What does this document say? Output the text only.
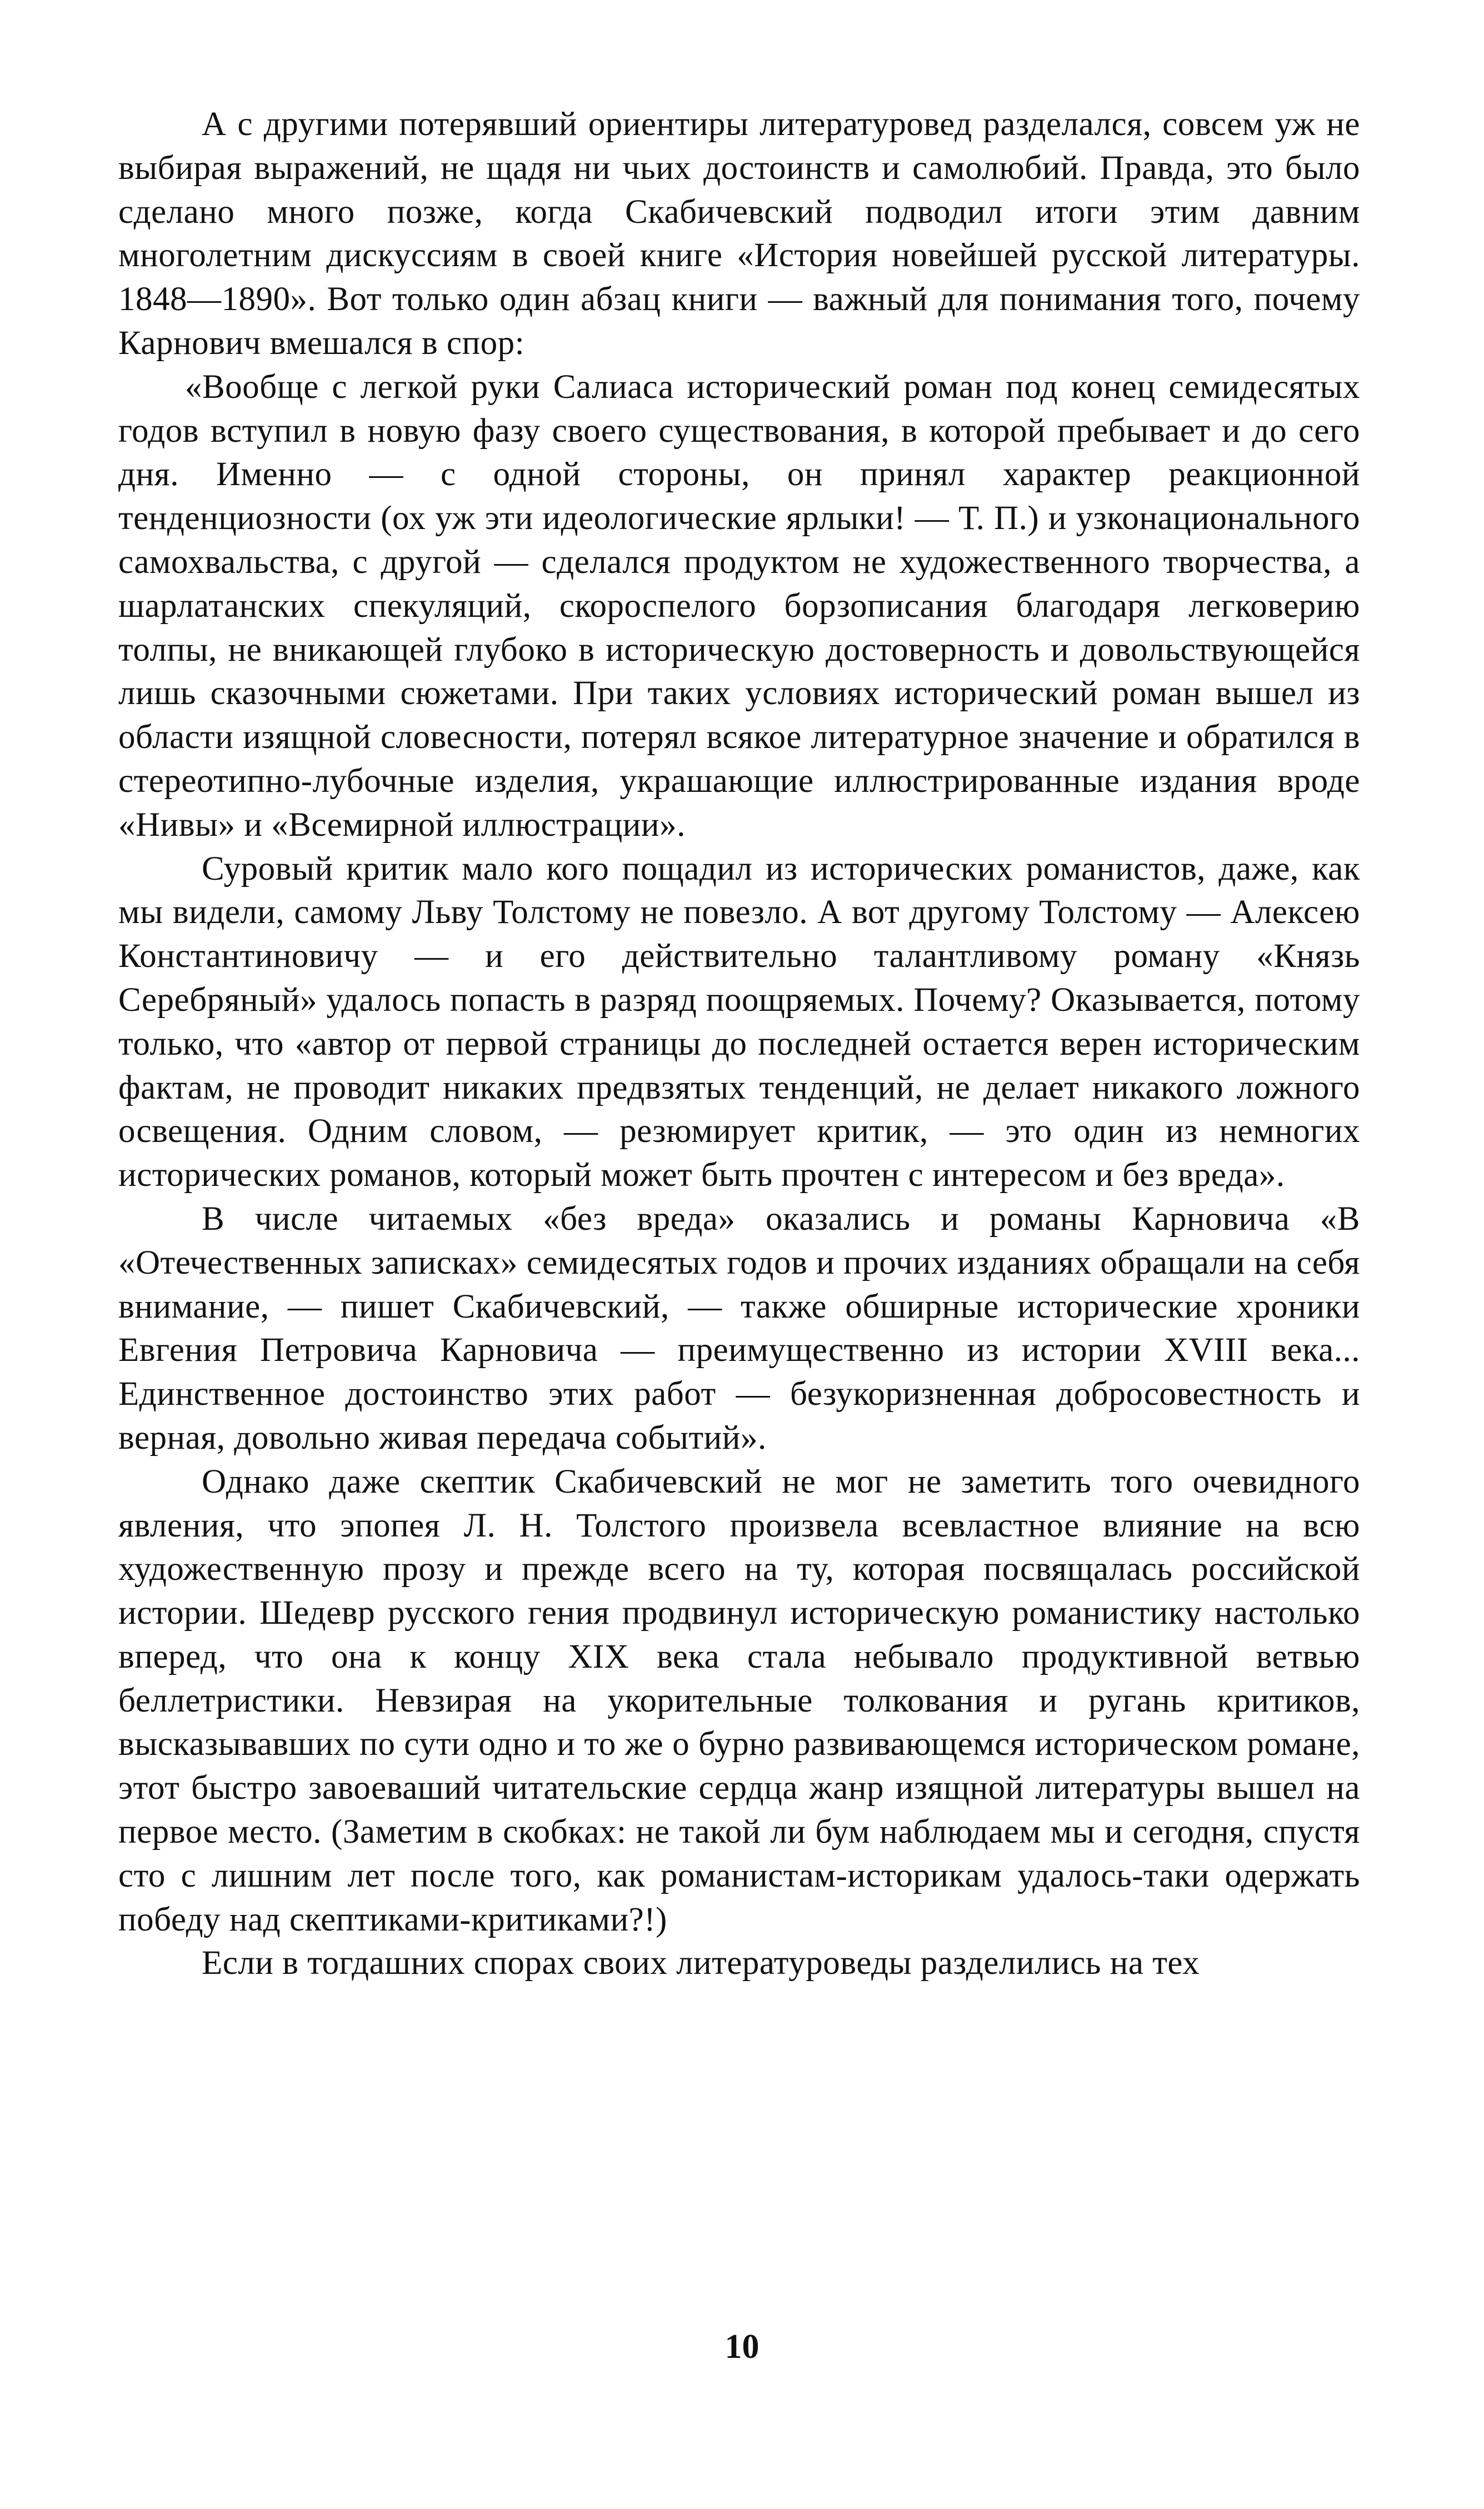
А с другими потерявший ориентиры литературовед разделался, совсем уж не выбирая выражений, не щадя ни чьих достоинств и самолюбий. Правда, это было сделано много позже, когда Скабичевский подводил итоги этим давним многолетним дискуссиям в своей книге «История новейшей русской литературы. 1848—1890». Вот только один абзац книги — важный для понимания того, почему Карнович вмешался в спор:

«Вообще с легкой руки Салиаса исторический роман под конец семидесятых годов вступил в новую фазу своего существования, в которой пребывает и до сего дня. Именно — с одной стороны, он принял характер реакционной тенденциозности (ох уж эти идеологические ярлыки! — Т. П.) и узконационального самохвальства, с другой — сделался продуктом не художественного творчества, а шарлатанских спекуляций, скороспелого борзописания благодаря легковерию толпы, не вникающей глубоко в историческую достоверность и довольствующейся лишь сказочными сюжетами. При таких условиях исторический роман вышел из области изящной словесности, потерял всякое литературное значение и обратился в стереотипно-лубочные изделия, украшающие иллюстрированные издания вроде «Нивы» и «Всемирной иллюстрации».

Суровый критик мало кого пощадил из исторических романистов, даже, как мы видели, самому Льву Толстому не повезло. А вот другому Толстому — Алексею Константиновичу — и его действительно талантливому роману «Князь Серебряный» удалось попасть в разряд поощряемых. Почему? Оказывается, потому только, что «автор от первой страницы до последней остается верен историческим фактам, не проводит никаких предвзятых тенденций, не делает никакого ложного освещения. Одним словом, — резюмирует критик, — это один из немногих исторических романов, который может быть прочтен с интересом и без вреда».

В числе читаемых «без вреда» оказались и романы Карновича «В «Отечественных записках» семидесятых годов и прочих изданиях обращали на себя внимание, — пишет Скабичевский, — также обширные исторические хроники Евгения Петровича Карновича — преимущественно из истории XVIII века... Единственное достоинство этих работ — безукоризненная добросовестность и верная, довольно живая передача событий».

Однако даже скептик Скабичевский не мог не заметить того очевидного явления, что эпопея Л. Н. Толстого произвела всевластное влияние на всю художественную прозу и прежде всего на ту, которая посвящалась российской истории. Шедевр русского гения продвинул историческую романистику настолько вперед, что она к концу XIX века стала небывало продуктивной ветвью беллетристики. Невзирая на укорительные толкования и ругань критиков, высказывавших по сути одно и то же о бурно развивающемся историческом романе, этот быстро завоеваший читательские сердца жанр изящной литературы вышел на первое место. (Заметим в скобках: не такой ли бум наблюдаем мы и сегодня, спустя сто с лишним лет после того, как романистам-историкам удалось-таки одержать победу над скептиками-критиками?!)

Если в тогдашних спорах своих литературоведы разделились на тех

10
